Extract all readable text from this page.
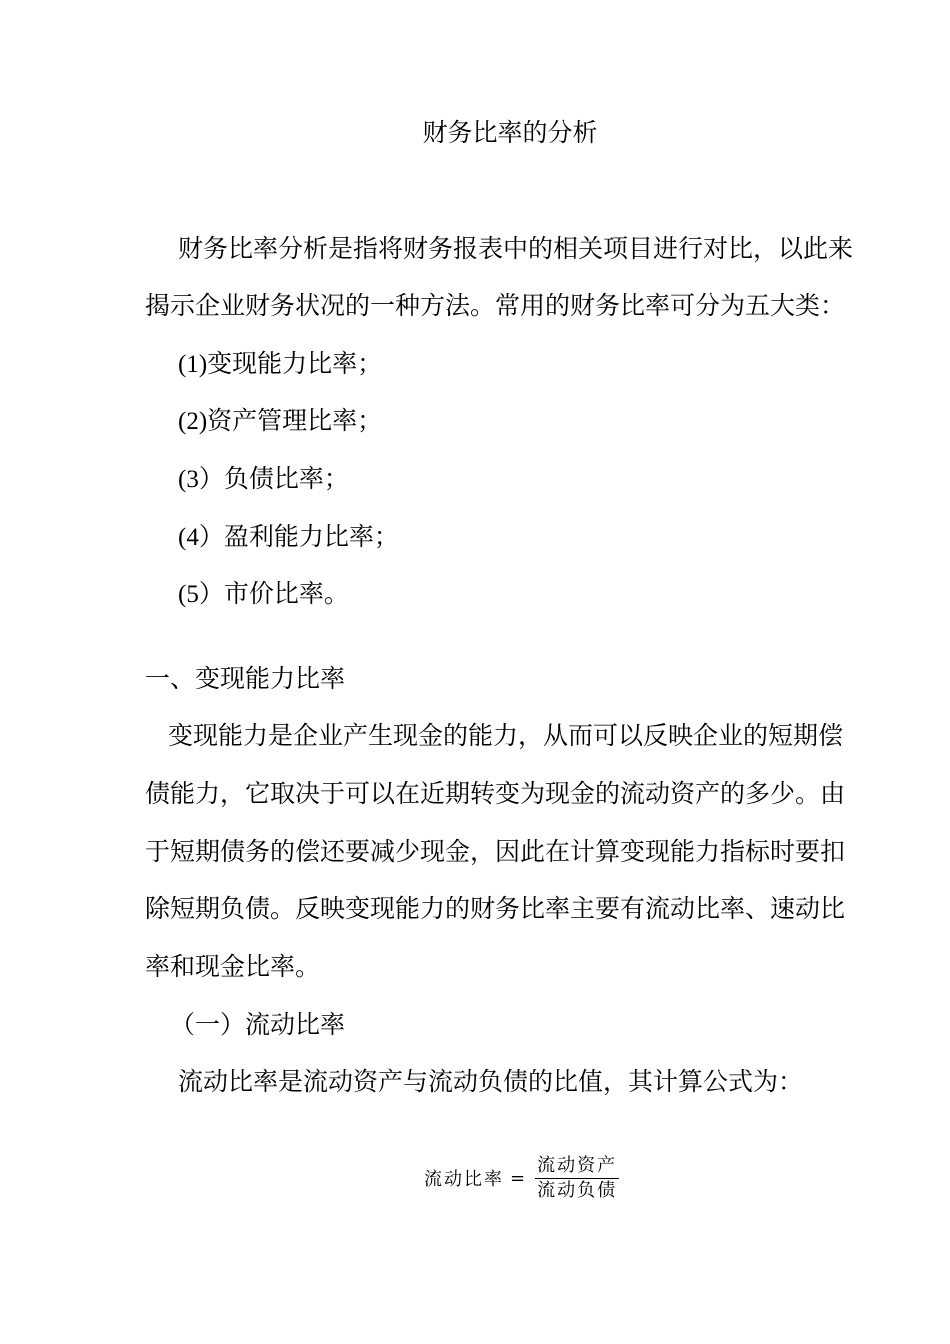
财务比率的分析
财务比率分析是指将财务报表中的相关项目进行对比，以此来
揭示企业财务状况的一种方法。常用的财务比率可分为五大类：
(1)变现能力比率；
(2)资产管理比率；
(3）负债比率；
(4）盈利能力比率；
(5）市价比率。
一、变现能力比率
变现能力是企业产生现金的能力，从而可以反映企业的短期偿
债能力，它取决于可以在近期转变为现金的流动资产的多少。由
于短期债务的偿还要减少现金，因此在计算变现能力指标时要扣
除短期负债。反映变现能力的财务比率主要有流动比率、速动比
率和现金比率。
（一）流动比率
流动比率是流动资产与流动负债的比值，其计算公式为：
流动比率 = $\frac{\text{流动资产}}{\text{流动负债}}$
